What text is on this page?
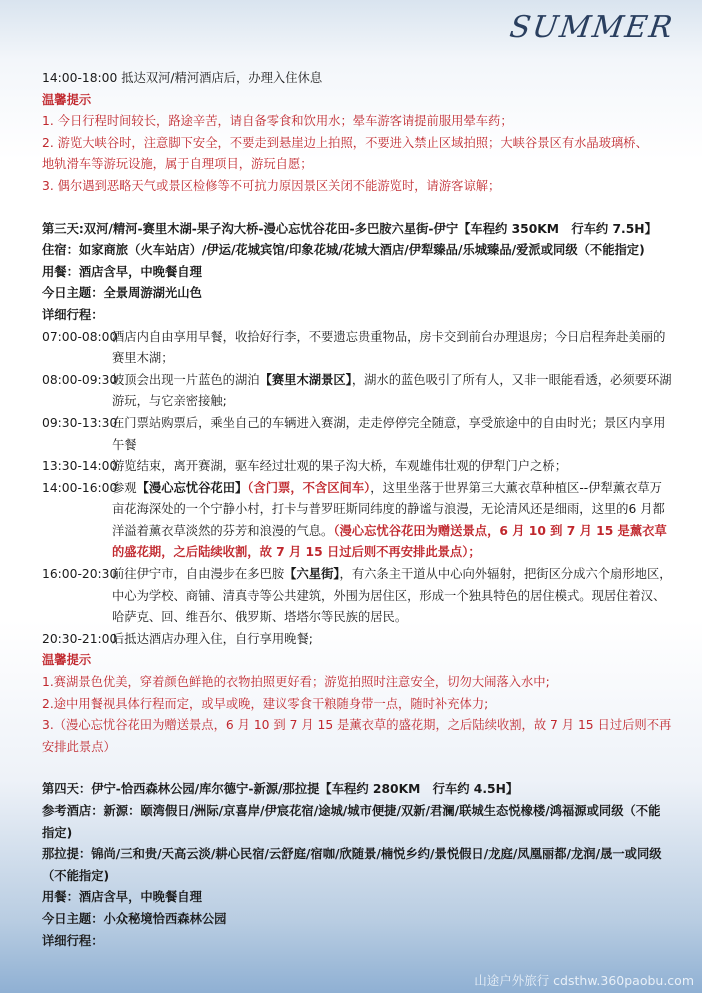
SUMMER
14:00-18:00 抵达双河/精河酒店后，办理入住休息
温馨提示
1. 今日行程时间较长，路途辛苦，请自备零食和饮用水；晕车游客请提前服用晕车药；
2. 游览大峡谷时，注意脚下安全，不要走到悬崖边上拍照，不要进入禁止区域拍照；大峡谷景区有水晶玻璃桥、
地轨滑车等游玩设施，属于自理项目，游玩自愿；
3. 偶尔遇到恶略天气或景区检修等不可抗力原因景区关闭不能游览时，请游客谅解；
第三天:双河/精河-赛里木湖-果子沟大桥-漫心忘忧谷花田-多巴胺六星街-伊宁【车程约 350KM　行车约 7.5H】
住宿：如家商旅（火车站店）/伊运/花城宾馆/印象花城/花城大酒店/伊犁臻品/乐城臻品/爱派或同级（不能指定)
用餐：酒店含早，中晚餐自理
今日主题：全景周游湖光山色
详细行程：
07:00-08:00
酒店内自由享用早餐，收拾好行李，不要遗忘贵重物品，房卡交到前台办理退房；今日启程奔赴美丽的赛里木湖；
08:00-09:30
坡顶会出现一片蓝色的湖泊【赛里木湖景区】，湖水的蓝色吸引了所有人，又非一眼能看透，必须要环湖游玩，与它亲密接触;
09:30-13:30
在门票站购票后，乘坐自己的车辆进入赛湖，走走停停完全随意，享受旅途中的自由时光；景区内享用午餐
13:30-14:00
游览结束，离开赛湖，驱车经过壮观的果子沟大桥，车观雄伟壮观的伊犁门户之桥；
14:00-16:00
参观【漫心忘忧谷花田】（含门票，不含区间车），这里坐落于世界第三大薰衣草种植区--伊犁薰衣草万亩花海深处的一个宁静小村，打卡与普罗旺斯同纬度的静谧与浪漫，无论清风还是细雨，这里的6 月都洋溢着薰衣草淡然的芬芳和浪漫的气息。（漫心忘忧谷花田为赠送景点，6 月 10 到 7 月 15 是薰衣草的盛花期，之后陆续收割，故 7 月 15 日过后则不再安排此景点）；
16:00-20:30
前往伊宁市，自由漫步在多巴胺【六星街】，有六条主干道从中心向外辐射，把街区分成六个扇形地区，中心为学校、商铺、清真寺等公共建筑，外围为居住区，形成一个独具特色的居住模式。现居住着汉、哈萨克、回、维吾尔、俄罗斯、塔塔尔等民族的居民。
20:30-21:00
后抵达酒店办理入住，自行享用晚餐;
温馨提示
1.赛湖景色优美，穿着颜色鲜艳的衣物拍照更好看；游览拍照时注意安全，切勿大闹落入水中;
2.途中用餐视具体行程而定，或早或晚，建议零食干粮随身带一点，随时补充体力;
3.（漫心忘忧谷花田为赠送景点，6 月 10 到 7 月 15 是薰衣草的盛花期，之后陆续收割，故 7 月 15 日过后则不再安排此景点）
第四天：伊宁-恰西森林公园/库尔德宁-新源/那拉提【车程约 280KM　行车约 4.5H】
参考酒店：新源：颐湾假日/洲际/京喜岸/伊宸花宿/途城/城市便捷/双新/君澜/联城生态悦橡楼/鸿福源或同级（不能指定)
那拉提：锦尚/三和贵/天高云淡/耕心民宿/云舒庭/宿咖/欣随景/楠悦乡约/景悦假日/龙庭/凤凰丽都/龙润/晟一或同级（不能指定)
用餐：酒店含早，中晚餐自理
今日主题：小众秘境恰西森林公园
详细行程：
山途户外旅行 cdsthw.360paobu.com
